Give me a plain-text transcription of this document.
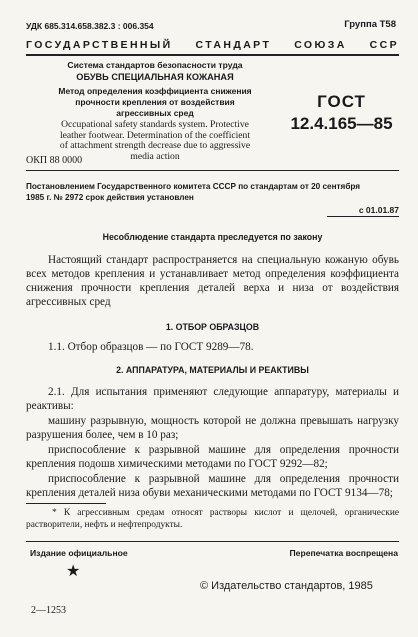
УДК 685.314.658.382.3 : 006.354	Группа Т58
ГОСУДАРСТВЕННЫЙ СТАНДАРТ СОЮЗА ССР
Система стандартов безопасности труда
ОБУВЬ СПЕЦИАЛЬНАЯ КОЖАНАЯ
Метод определения коэффициента снижения
прочности крепления от воздействия
агрессивных сред
Occupational safety standards system. Protective
leather footwear. Determination of the coefficient
of attachment strength decrease due to aggressive
media action
ОКП 88 0000
ГОСТ
12.4.165—85
Постановлением Государственного комитета СССР по стандартам от 20 сентября
1985 г. № 2972 срок действия установлен
с 01.01.87
Несоблюдение стандарта преследуется по закону

Настоящий стандарт распространяется на специальную кожаную обувь всех методов крепления и устанавливает метод определения коэффициента снижения прочности крепления деталей верха и низа от воздействия агрессивных сред

1. ОТБОР ОБРАЗЦОВ

1.1. Отбор образцов — по ГОСТ 9289—78.

2. АППАРАТУРА, МАТЕРИАЛЫ И РЕАКТИВЫ

2.1. Для испытания применяют следующие аппаратуру, материалы и реактивы:

машину разрывную, мощность которой не должна превышать нагрузку разрушения более, чем в 10 раз;

приспособление к разрывной машине для определения прочности крепления подошв химическими методами по ГОСТ 9292—82;

приспособление к разрывной машине для определения прочности крепления деталей низа обуви механическими методами по ГОСТ 9134—78;

* К агрессивным средам относят растворы кислот и щелочей, органические растворители, нефть и нефтепродукты.

Издание официальное	Перепечатка воспрещена
★
© Издательство стандартов, 1985
2—1253
